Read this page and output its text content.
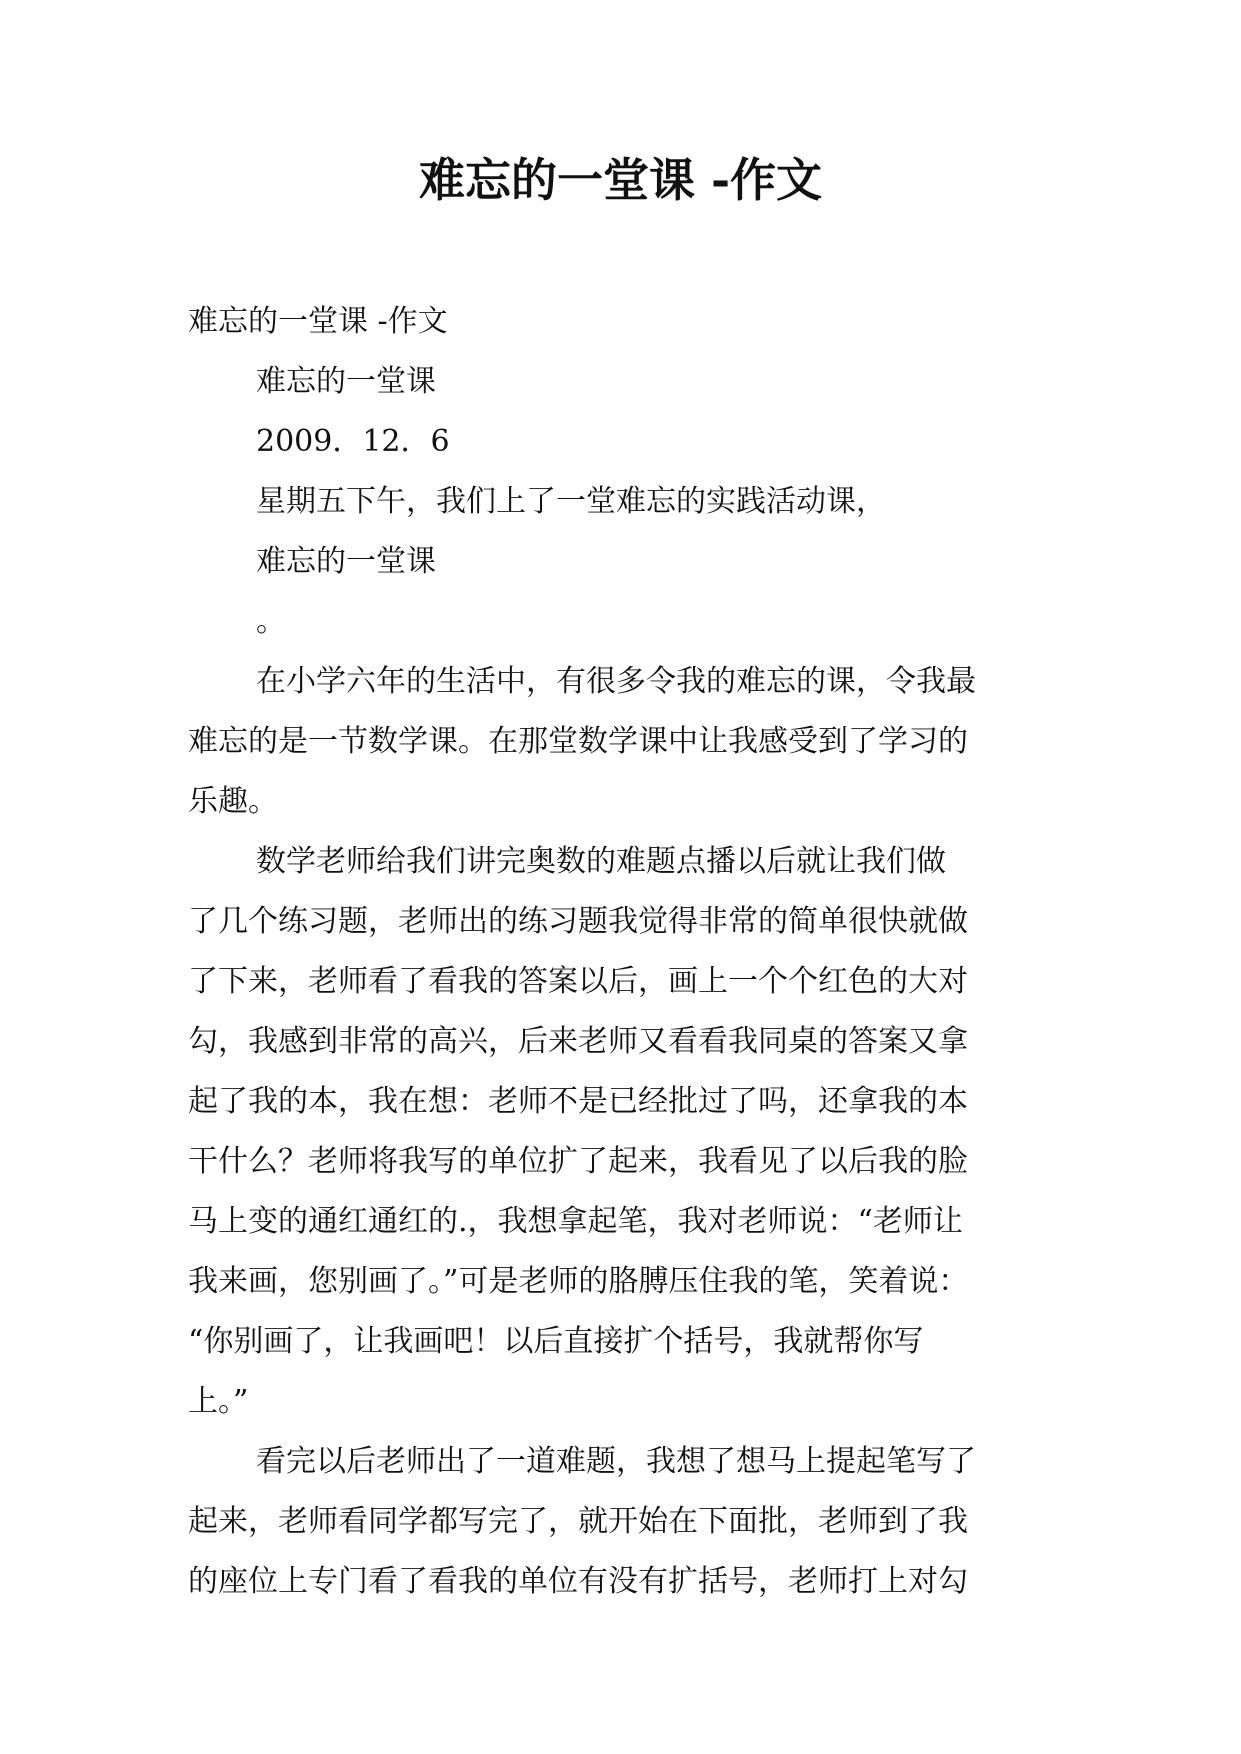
难忘的一堂课 -作文
难忘的一堂课 -作文
难忘的一堂课
2009．12．6
星期五下午，我们上了一堂难忘的实践活动课，
难忘的一堂课
。
在小学六年的生活中，有很多令我的难忘的课，令我最
难忘的是一节数学课。在那堂数学课中让我感受到了学习的
乐趣。
数学老师给我们讲完奥数的难题点播以后就让我们做
了几个练习题，老师出的练习题我觉得非常的简单很快就做
了下来，老师看了看我的答案以后，画上一个个红色的大对
勾，我感到非常的高兴，后来老师又看看我同桌的答案又拿
起了我的本，我在想：老师不是已经批过了吗，还拿我的本
干什么？老师将我写的单位扩了起来，我看见了以后我的脸
马上变的通红通红的.，我想拿起笔，我对老师说：“老师让
我来画，您别画了。”可是老师的胳膊压住我的笔，笑着说：
“你别画了，让我画吧！以后直接扩个括号，我就帮你写
上。”
看完以后老师出了一道难题，我想了想马上提起笔写了
起来，老师看同学都写完了，就开始在下面批，老师到了我
的座位上专门看了看我的单位有没有扩括号，老师打上对勾
